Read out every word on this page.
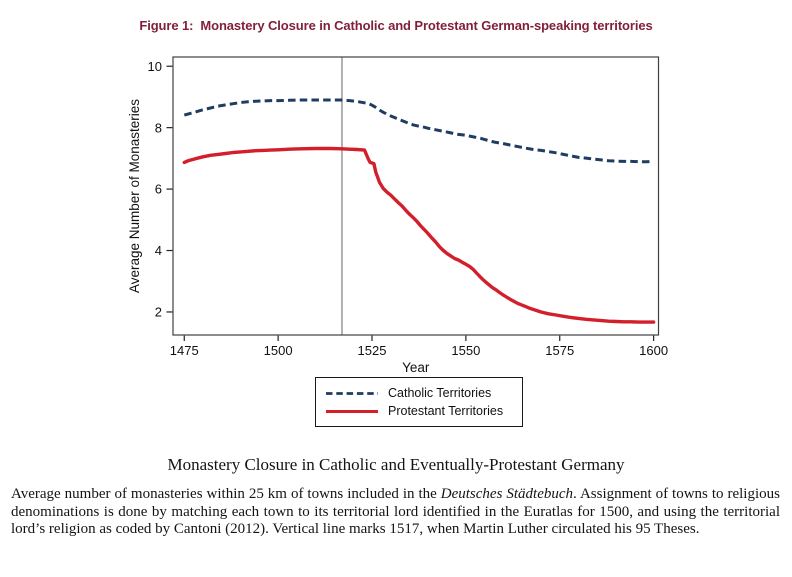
Figure 1:  Monastery Closure in Catholic and Protestant German-speaking territories
1475	1500	1525	1550	1575	1600
2
4
6
8
10
Year
Average Number of Monasteries
Catholic Territories
Protestant Territories
Monastery Closure in Catholic and Eventually-Protestant Germany

Average number of monasteries within 25 km of towns included in the Deutsches Städtebuch. Assignment of towns to religious denominations is done by matching each town to its territorial lord identified in the Euratlas for 1500, and using the territorial lord’s religion as coded by Cantoni (2012). Vertical line marks 1517, when Martin Luther circulated his 95 Theses.
